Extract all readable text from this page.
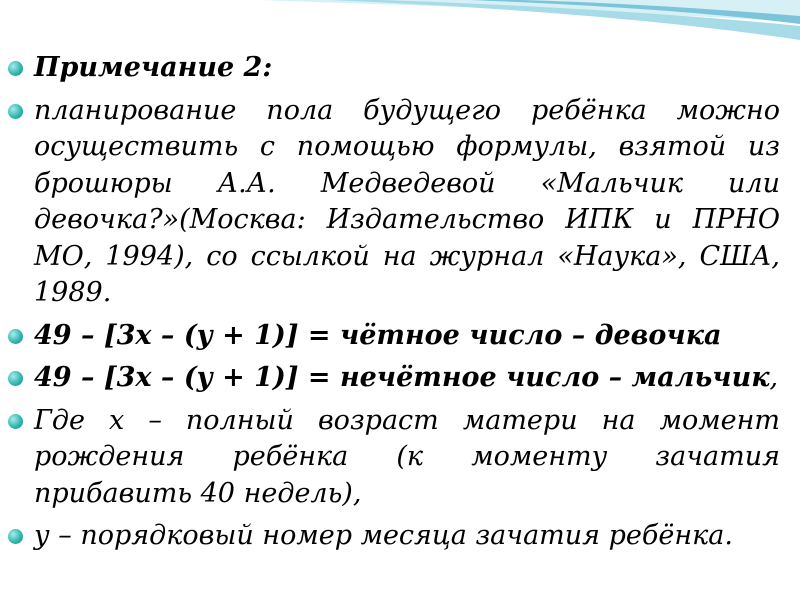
Примечание 2:
планирование пола будущего ребёнка можно осуществить с помощью формулы, взятой из брошюры А.А. Медведевой «Мальчик или девочка?»(Москва: Издательство ИПК и ПРНО МО, 1994), со ссылкой на журнал «Наука», США, 1989.
49 – [3х – (у + 1)] = чётное число – девочка
49 – [3х – (у + 1)] = нечётное число – мальчик,
Где х – полный возраст матери на момент рождения ребёнка (к моменту зачатия прибавить 40 недель),
у – порядковый номер месяца зачатия ребёнка.
